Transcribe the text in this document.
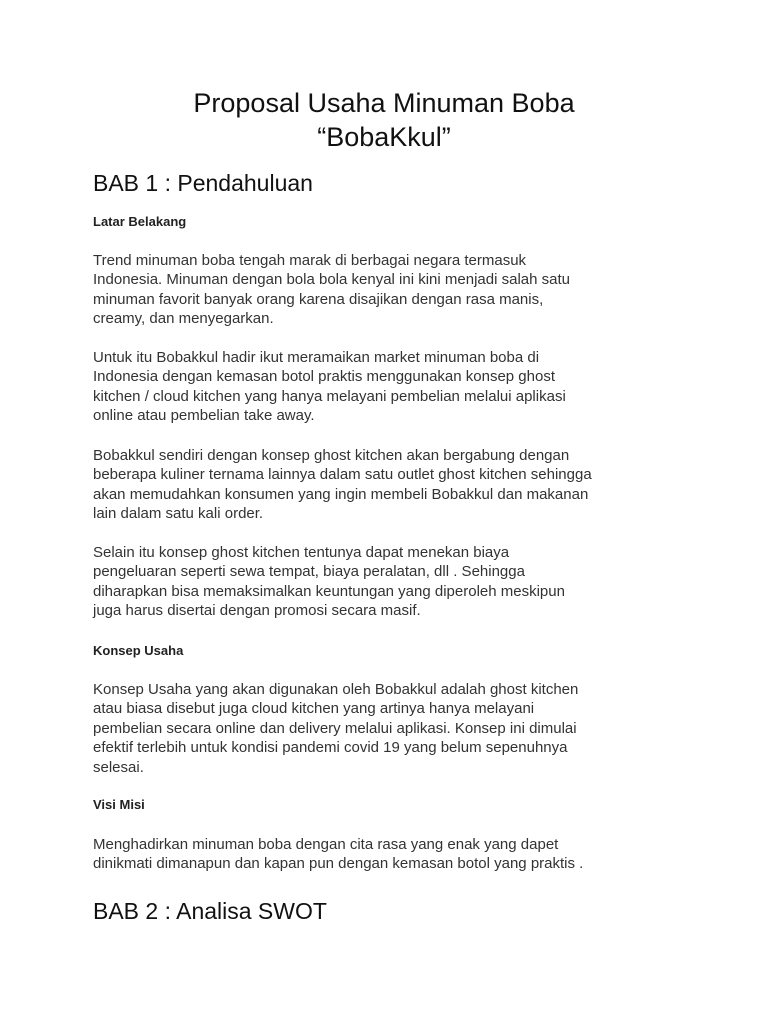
Proposal Usaha Minuman Boba
“BobaKkul”
BAB 1 : Pendahuluan
Latar Belakang

Trend minuman boba tengah marak di berbagai negara termasuk
Indonesia. Minuman dengan bola bola kenyal ini kini menjadi salah satu
minuman favorit banyak orang karena disajikan dengan rasa manis,
creamy, dan menyegarkan.

Untuk itu Bobakkul hadir ikut meramaikan market minuman boba di
Indonesia dengan kemasan botol praktis menggunakan konsep ghost
kitchen / cloud kitchen yang hanya melayani pembelian melalui aplikasi
online atau pembelian take away.

Bobakkul sendiri dengan konsep ghost kitchen akan bergabung dengan
beberapa kuliner ternama lainnya dalam satu outlet ghost kitchen sehingga
akan memudahkan konsumen yang ingin membeli Bobakkul dan makanan
lain dalam satu kali order.

Selain itu konsep ghost kitchen tentunya dapat menekan biaya
pengeluaran seperti sewa tempat, biaya peralatan, dll . Sehingga
diharapkan bisa memaksimalkan keuntungan yang diperoleh meskipun
juga harus disertai dengan promosi secara masif.

Konsep Usaha

Konsep Usaha yang akan digunakan oleh Bobakkul adalah ghost kitchen
atau biasa disebut juga cloud kitchen yang artinya hanya melayani
pembelian secara online dan delivery melalui aplikasi. Konsep ini dimulai
efektif terlebih untuk kondisi pandemi covid 19 yang belum sepenuhnya
selesai.

Visi Misi

Menghadirkan minuman boba dengan cita rasa yang enak yang dapet
dinikmati dimanapun dan kapan pun dengan kemasan botol yang praktis .

BAB 2 : Analisa SWOT
